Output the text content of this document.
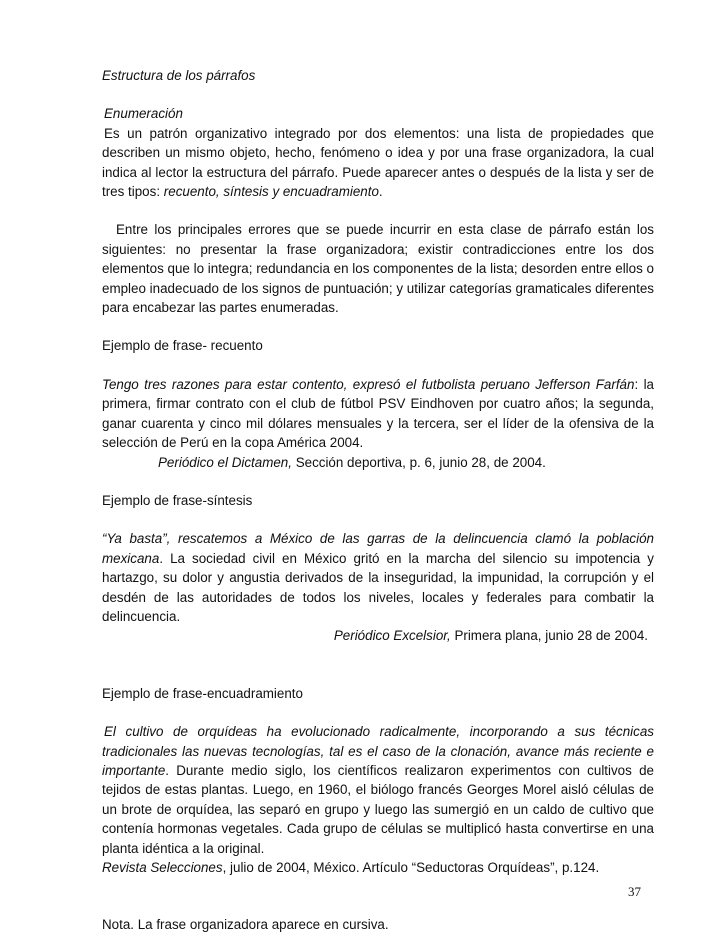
Estructura de los párrafos

Enumeración

Es un patrón organizativo integrado por dos elementos: una lista de propiedades que describen un mismo objeto, hecho, fenómeno o idea y por una frase organizadora, la cual indica al lector la estructura del párrafo. Puede aparecer antes o después de la lista y ser de tres tipos: recuento, síntesis y encuadramiento.

Entre los principales errores que se puede incurrir en esta clase de párrafo están los siguientes: no presentar la frase organizadora; existir contradicciones entre los dos elementos que lo integra; redundancia en los componentes de la lista; desorden entre ellos o empleo inadecuado de los signos de puntuación; y utilizar categorías gramaticales diferentes para encabezar las partes enumeradas.

Ejemplo de frase- recuento

Tengo tres razones para estar contento, expresó el futbolista peruano Jefferson Farfán: la primera, firmar contrato con el club de fútbol PSV Eindhoven por cuatro años; la segunda, ganar cuarenta y cinco mil dólares mensuales y la tercera, ser el líder de la ofensiva de la selección de Perú en la copa América 2004.

Periódico el Dictamen, Sección deportiva, p. 6, junio 28, de 2004.

Ejemplo de frase-síntesis

“Ya basta”, rescatemos a México de las garras de la delincuencia clamó la población mexicana. La sociedad civil en México gritó en la marcha del silencio su impotencia y hartazgo, su dolor y angustia derivados de la inseguridad, la impunidad, la corrupción y el desdén de las autoridades de todos los niveles, locales y federales para combatir la delincuencia.

Periódico Excelsior, Primera plana, junio 28 de 2004.

Ejemplo de frase-encuadramiento

El cultivo de orquídeas ha evolucionado radicalmente, incorporando a sus técnicas tradicionales las nuevas tecnologías, tal es el caso de la clonación, avance más reciente e importante. Durante medio siglo, los científicos realizaron experimentos con cultivos de tejidos de estas plantas. Luego, en 1960, el biólogo francés Georges Morel aisló células de un brote de orquídea, las separó en grupo y luego las sumergió en un caldo de cultivo que contenía hormonas vegetales. Cada grupo de células se multiplicó hasta convertirse en una planta idéntica a la original.

Revista Selecciones, julio de 2004, México. Artículo “Seductoras Orquídeas”, p.124.

Nota. La frase organizadora aparece en cursiva.

37
